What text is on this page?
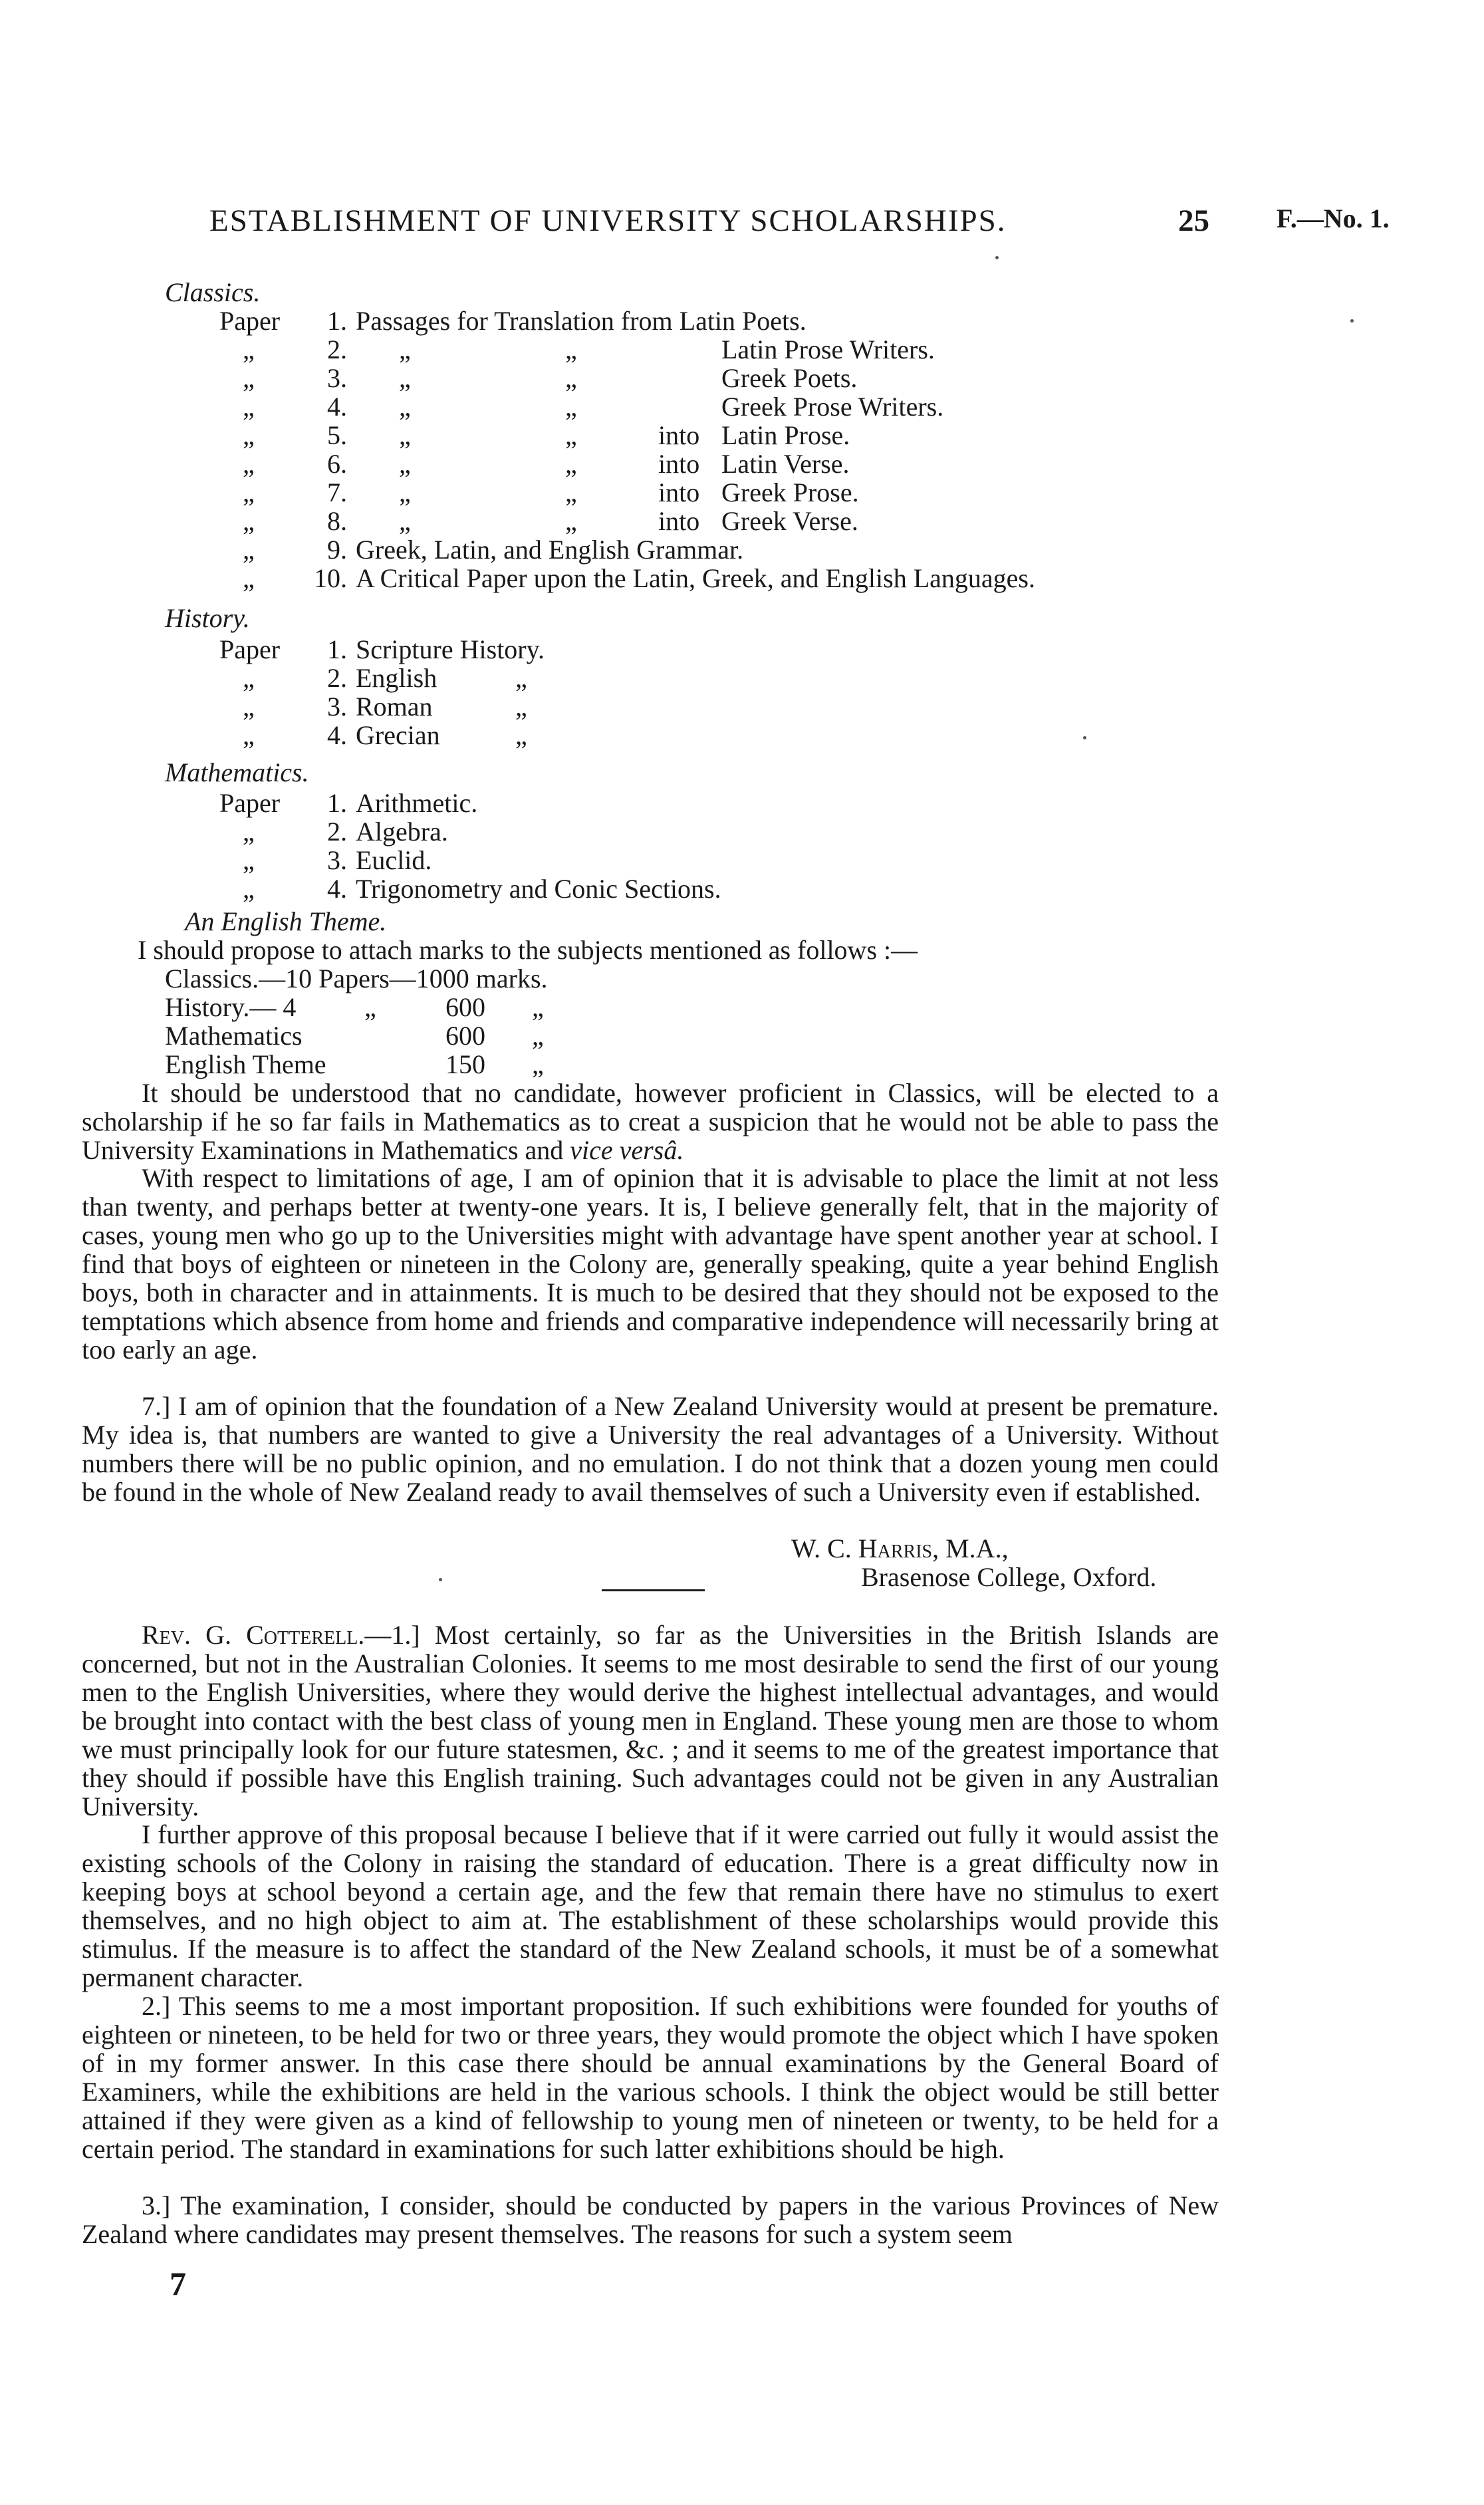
ESTABLISHMENT OF UNIVERSITY SCHOLARSHIPS.	25	F.—No. 1.
Classics.
Paper	1. Passages for Translation from Latin Poets.
„	2. „	„	Latin Prose Writers.
„	3. „	„	Greek Poets.
„	4. „	„	Greek Prose Writers.
„	5. „	„	into Latin Prose.
„	6. „	„	into Latin Verse.
„	7. „	„	into Greek Prose.
„	8. „	„	into Greek Verse.
„	9. Greek, Latin, and English Grammar.
„	10. A Critical Paper upon the Latin, Greek, and English Languages.
History.
Paper	1. Scripture History.
„	2. English	„
„	3. Roman	„
„	4. Grecian	„
Mathematics.
Paper	1. Arithmetic.
„	2. Algebra.
„	3. Euclid.
„	4. Trigonometry and Conic Sections.
An English Theme.
I should propose to attach marks to the subjects mentioned as follows :—
Classics.—10 Papers—1000 marks.
History.— 4	„	600 „
Mathematics	600 „
English Theme	150 „
It should be understood that no candidate, however proficient in Classics, will be elected to a scholarship if he so far fails in Mathematics as to creat a suspicion that he would not be able to pass the University Examinations in Mathematics and vice versâ.
With respect to limitations of age, I am of opinion that it is advisable to place the limit at not less than twenty, and perhaps better at twenty-one years. It is, I believe generally felt, that in the majority of cases, young men who go up to the Universities might with advantage have spent another year at school. I find that boys of eighteen or nineteen in the Colony are, generally speaking, quite a year behind English boys, both in character and in attainments. It is much to be desired that they should not be exposed to the temptations which absence from home and friends and comparative independence will necessarily bring at too early an age.
7.] I am of opinion that the foundation of a New Zealand University would at present be premature. My idea is, that numbers are wanted to give a University the real advantages of a University. Without numbers there will be no public opinion, and no emulation. I do not think that a dozen young men could be found in the whole of New Zealand ready to avail themselves of such a University even if established.
W. C. Harris, M.A.,
Brasenose College, Oxford.
Rev. G. Cotterell.—1.] Most certainly, so far as the Universities in the British Islands are concerned, but not in the Australian Colonies. It seems to me most desirable to send the first of our young men to the English Universities, where they would derive the highest intellectual advantages, and would be brought into contact with the best class of young men in England. These young men are those to whom we must principally look for our future statesmen, &c. ; and it seems to me of the greatest importance that they should if possible have this English training. Such advantages could not be given in any Australian University.
I further approve of this proposal because I believe that if it were carried out fully it would assist the existing schools of the Colony in raising the standard of education. There is a great difficulty now in keeping boys at school beyond a certain age, and the few that remain there have no stimulus to exert themselves, and no high object to aim at. The establishment of these scholarships would provide this stimulus. If the measure is to affect the standard of the New Zealand schools, it must be of a somewhat permanent character.
2.] This seems to me a most important proposition. If such exhibitions were founded for youths of eighteen or nineteen, to be held for two or three years, they would promote the object which I have spoken of in my former answer. In this case there should be annual examinations by the General Board of Examiners, while the exhibitions are held in the various schools. I think the object would be still better attained if they were given as a kind of fellowship to young men of nineteen or twenty, to be held for a certain period. The standard in examinations for such latter exhibitions should be high.
3.] The examination, I consider, should be conducted by papers in the various Provinces of New Zealand where candidates may present themselves. The reasons for such a system seem
7
